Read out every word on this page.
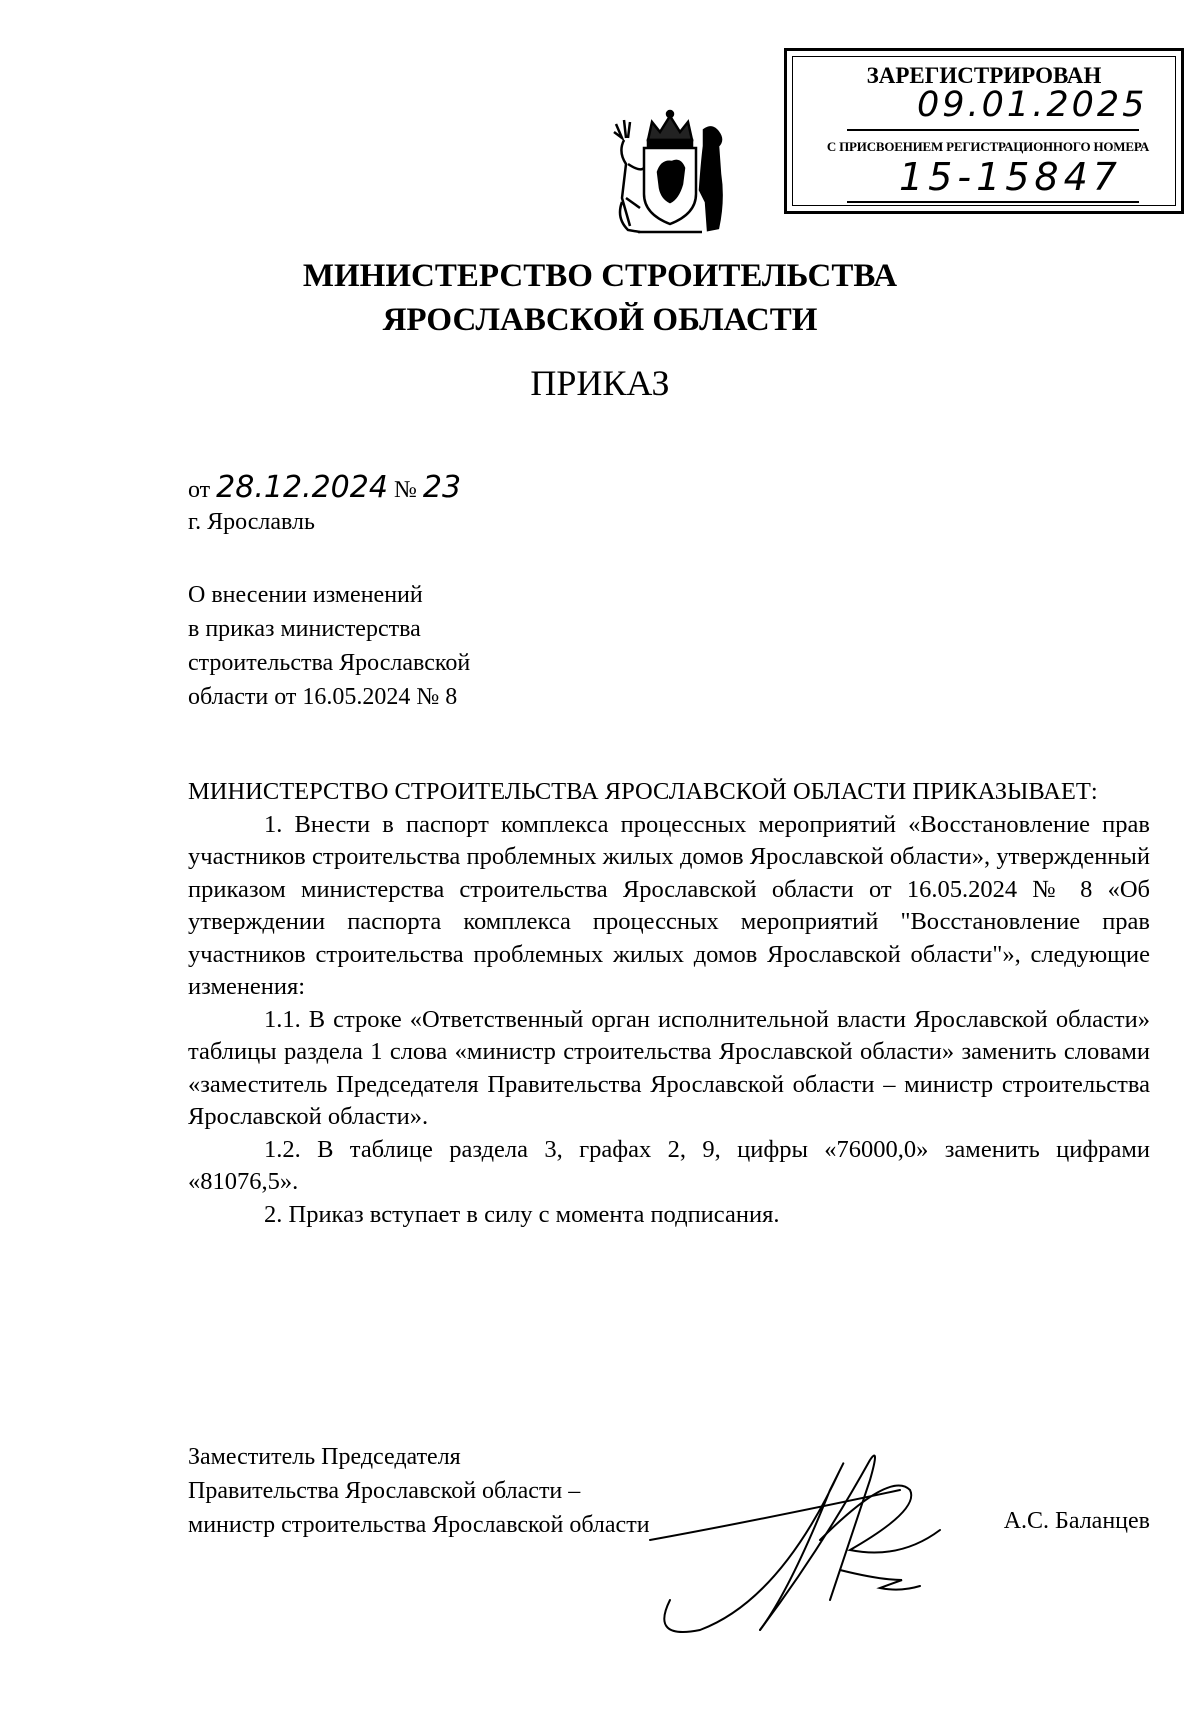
ЗАРЕГИСТРИРОВАН
09.01.2025
С ПРИСВОЕНИЕМ РЕГИСТРАЦИОННОГО НОМЕРА
15-15847
МИНИСТЕРСТВО СТРОИТЕЛЬСТВА
ЯРОСЛАВСКОЙ ОБЛАСТИ
ПРИКАЗ
от 28.12.2024 № 23
г. Ярославль
О внесении изменений
в приказ министерства
строительства Ярославской
области от 16.05.2024 № 8

МИНИСТЕРСТВО СТРОИТЕЛЬСТВА ЯРОСЛАВСКОЙ ОБЛАСТИ ПРИКАЗЫВАЕТ:

1. Внести в паспорт комплекса процессных мероприятий «Восстановление прав участников строительства проблемных жилых домов Ярославской области», утвержденный приказом министерства строительства Ярославской области от 16.05.2024 № 8 «Об утверждении паспорта комплекса процессных мероприятий "Восстановление прав участников строительства проблемных жилых домов Ярославской области"», следующие изменения:

1.1. В строке «Ответственный орган исполнительной власти Ярославской области» таблицы раздела 1 слова «министр строительства Ярославской области» заменить словами «заместитель Председателя Правительства Ярославской области – министр строительства Ярославской области».

1.2. В таблице раздела 3, графах 2, 9, цифры «76000,0» заменить цифрами «81076,5».

2. Приказ вступает в силу с момента подписания.

Заместитель Председателя
Правительства Ярославской области –
министр строительства Ярославской области	А.С. Баланцев
